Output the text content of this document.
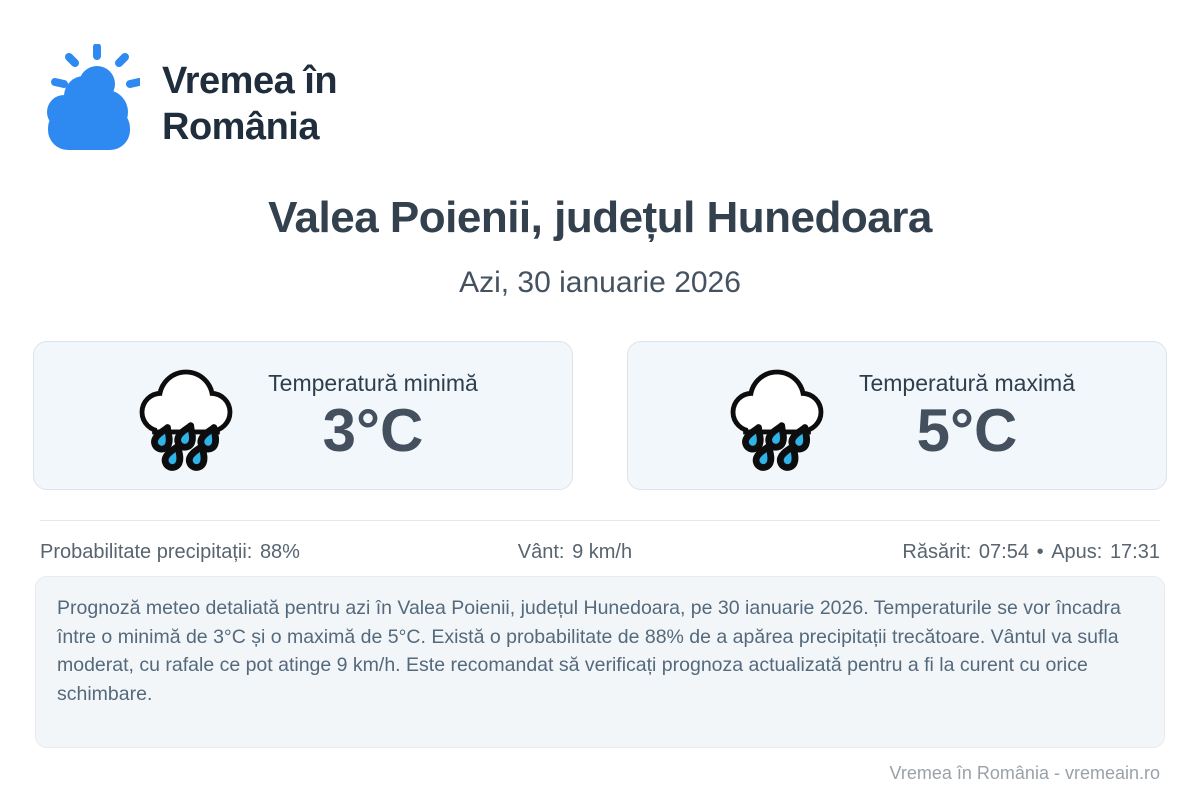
Vremea în
România
Valea Poienii, județul Hunedoara
Azi, 30 ianuarie 2026
Temperatură minimă
3°C
Temperatură maximă
5°C
Probabilitate precipitații: 88%	Vânt: 9 km/h	Răsărit: 07:54 • Apus: 17:31

Prognoză meteo detaliată pentru azi în Valea Poienii, județul Hunedoara, pe 30 ianuarie 2026. Temperaturile se vor încadra între o minimă de 3°C și o maximă de 5°C. Există o probabilitate de 88% de a apărea precipitații trecătoare. Vântul va sufla moderat, cu rafale ce pot atinge 9 km/h. Este recomandat să verificați prognoza actualizată pentru a fi la curent cu orice schimbare.

Vremea în România - vremeain.ro
